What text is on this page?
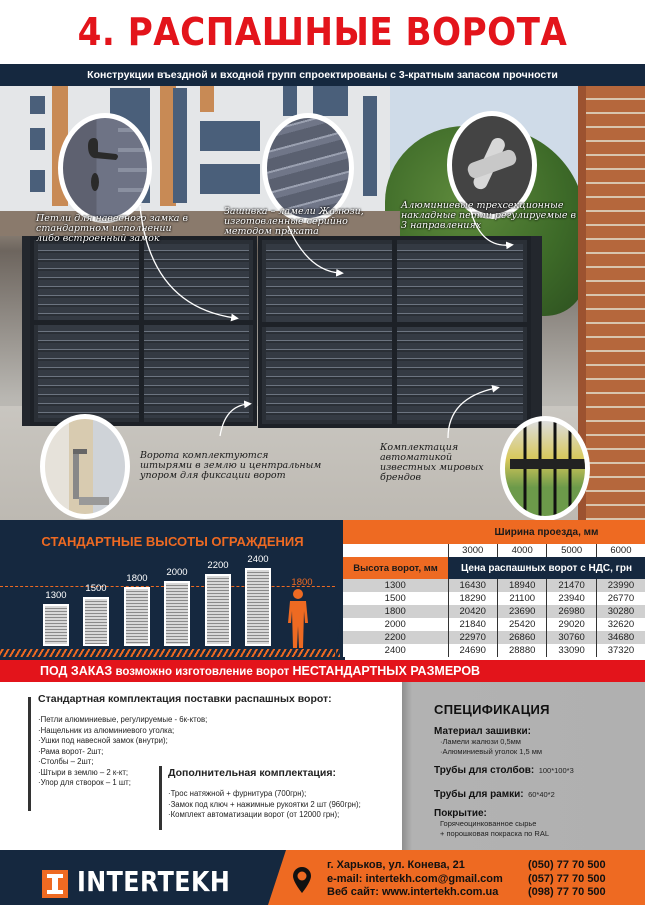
4. РАСПАШНЫЕ ВОРОТА
Конструкции въездной и входной групп спроектированы с 3-кратным запасом прочности
Петли для навесного замка в
стандартном исполнении
либо встроенный замок
Зашивка – ламели Жалюзи,
изготовленные серийно
методом проката
Алюминиевые трехсекционные
накладные петли регулируемые в
3 направлениях
Ворота комплектуются
штырями в землю и центральным
упором для фиксации ворот
Комплектация
автоматикой
известных мировых
брендов
СТАНДАРТНЫЕ ВЫСОТЫ ОГРАЖДЕНИЯ
1300
1500
1800
2000
2200
2400
1800
	Ширина проезда, мм			
	3000	4000	5000	6000
Высота ворот, мм	Цена распашных ворот с НДС, грн			
1300	16430	18940	21470	23990
1500	18290	21100	23940	26770
1800	20420	23690	26980	30280
2000	21840	25420	29020	32620
2200	22970	26860	30760	34680
2400	24690	28880	33090	37320
ПОД ЗАКАЗ возможно изготовление ворот НЕСТАНДАРТНЫХ РАЗМЕРОВ
Стандартная комплектация поставки распашных ворот:
·Петли алюминиевые, регулируемые - 6к-ктов;
·Нащельник из алюминиевого уголка;
·Ушки под навесной замок (внутри);
·Рама ворот- 2шт;
·Столбы – 2шт;
·Штыри в землю – 2 к-кт;
·Упор для створок – 1 шт;
Дополнительная комплектация:
·Трос натяжной + фурнитура (700грн);
·Замок под ключ + нажимные рукоятки 2 шт (960грн);
·Комплект автоматизации ворот (от 12000 грн);
СПЕЦИФИКАЦИЯ
Материал зашивки:
·Ламели жалюзи 0,5мм
·Алюминиевый уголок 1,5 мм
Трубы для столбов: 100*100*3
Трубы для рамки: 60*40*2
Покрытие:
Горячеоцинкованное сырье
+ порошковая покраска по RAL
INTERTEKH	г. Харьков, ул. Конева, 21
e-mail: intertekh.com@gmail.com
Веб сайт: www.intertekh.com.ua
(050) 77 70 500
(057) 77 70 500
(098) 77 70 500
